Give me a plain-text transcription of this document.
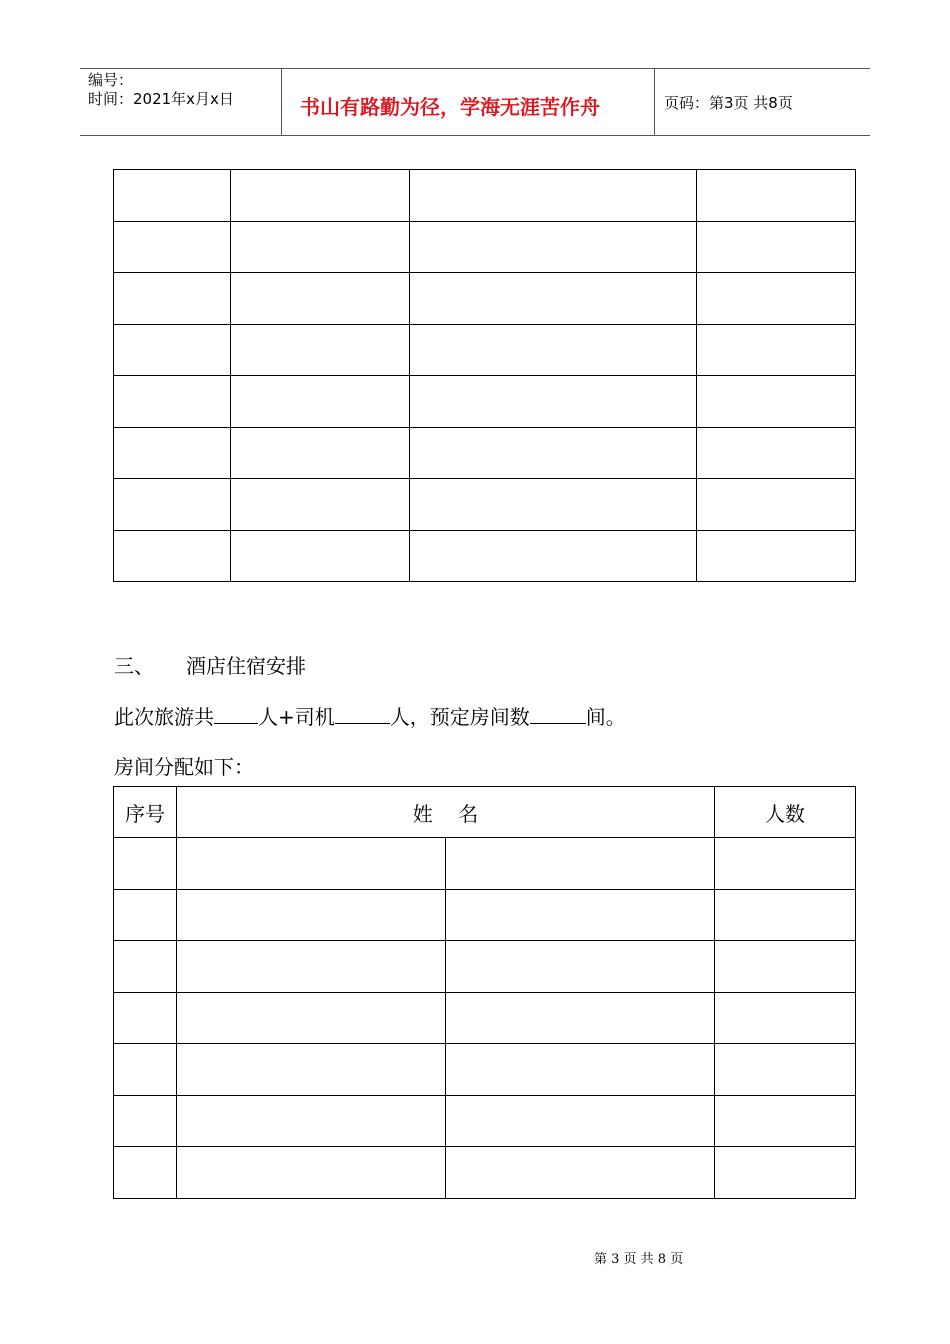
编号：
时间：2021年x月x日	书山有路勤为径，学海无涯苦作舟	页码：第3页 共8页

三、 酒店住宿安排
此次旅游共 人+司机	人，预定房间数	间。
房间分配如下：
序号	姓    名		人数

第 3 页 共 8 页
